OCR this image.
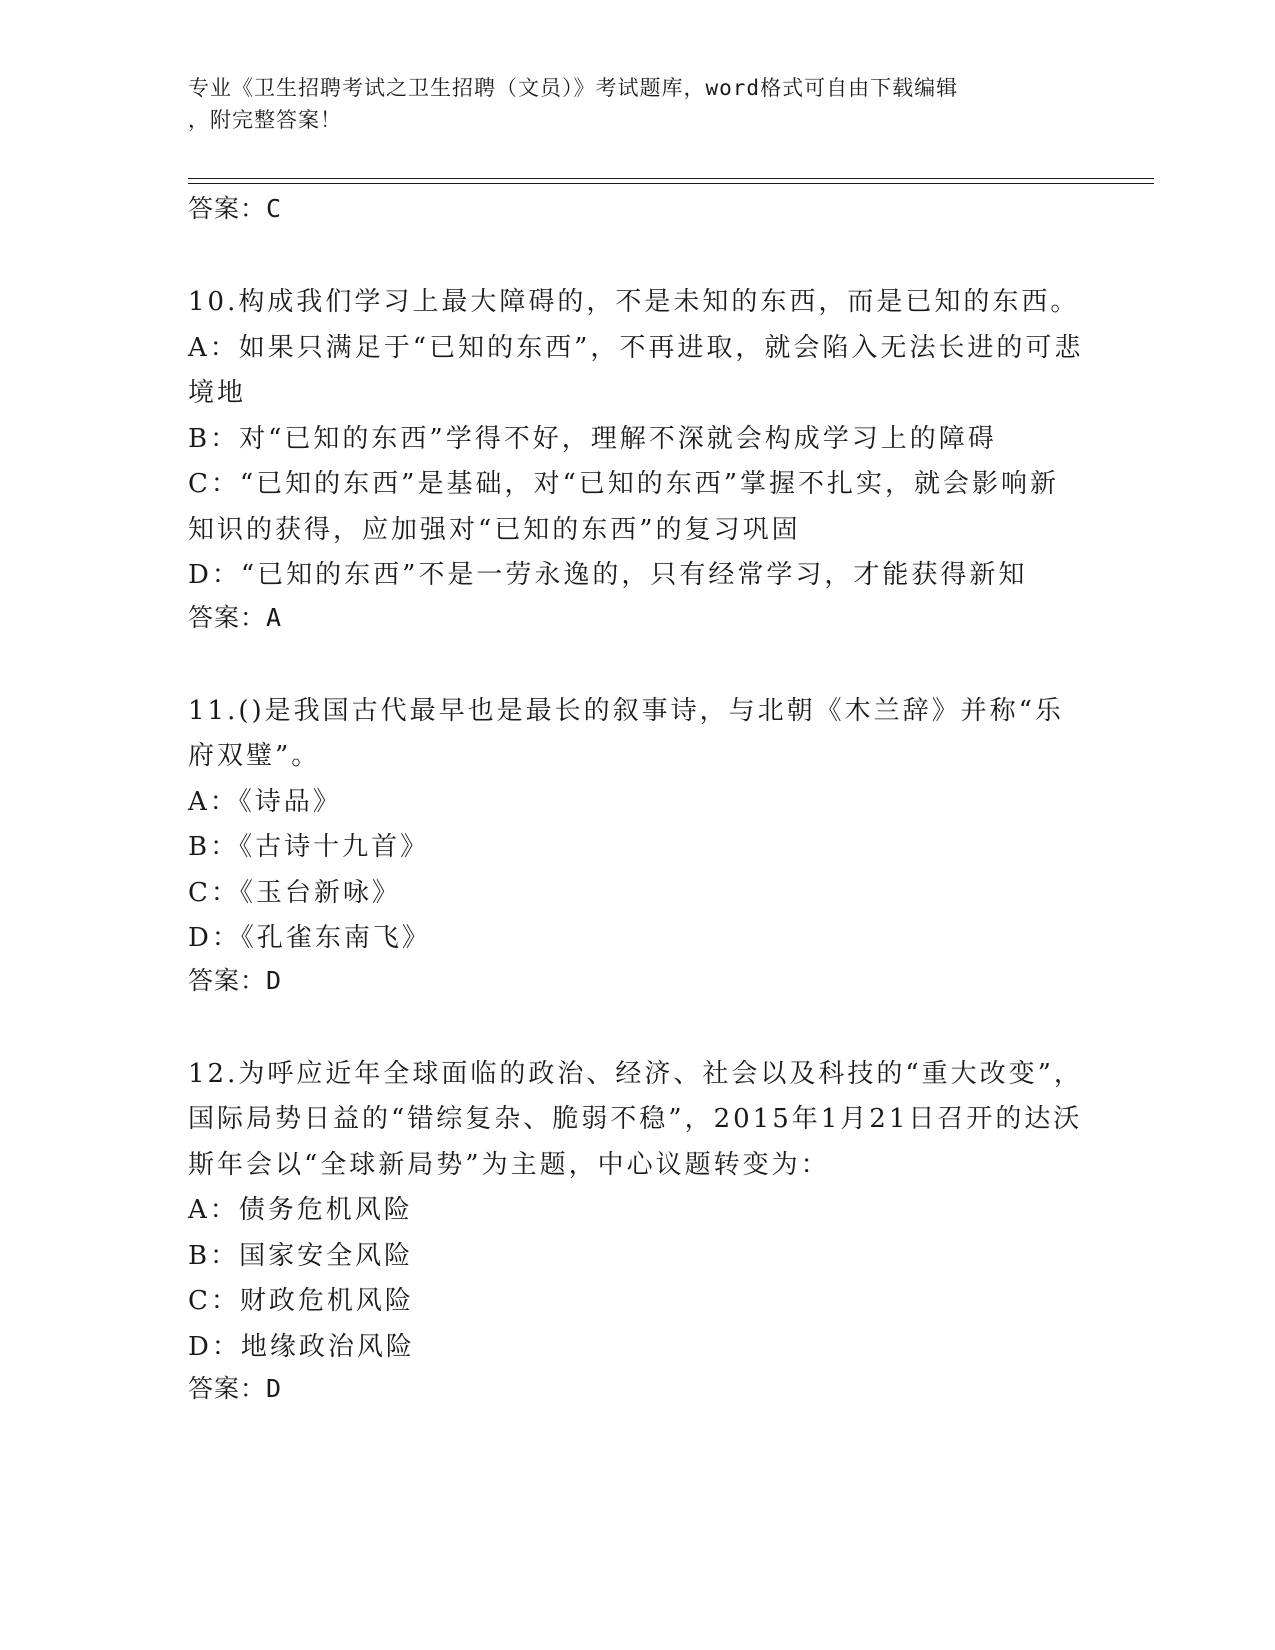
专业《卫生招聘考试之卫生招聘（文员）》考试题库，word格式可自由下载编辑
，附完整答案！
答案：C
10.构成我们学习上最大障碍的，不是未知的东西，而是已知的东西。
A：如果只满足于“已知的东西”，不再进取，就会陷入无法长进的可悲境地
B：对“已知的东西”学得不好，理解不深就会构成学习上的障碍
C：“已知的东西”是基础，对“已知的东西”掌握不扎实，就会影响新知识的获得，应加强对“已知的东西”的复习巩固
D：“已知的东西”不是一劳永逸的，只有经常学习，才能获得新知
答案：A
11.()是我国古代最早也是最长的叙事诗，与北朝《木兰辞》并称“乐府双璧”。
A：《诗品》
B：《古诗十九首》
C：《玉台新咏》
D：《孔雀东南飞》
答案：D
12.为呼应近年全球面临的政治、经济、社会以及科技的“重大改变”，国际局势日益的“错综复杂、脆弱不稳”，2015年1月21日召开的达沃斯年会以“全球新局势”为主题，中心议题转变为：
A：债务危机风险
B：国家安全风险
C：财政危机风险
D：地缘政治风险
答案：D
